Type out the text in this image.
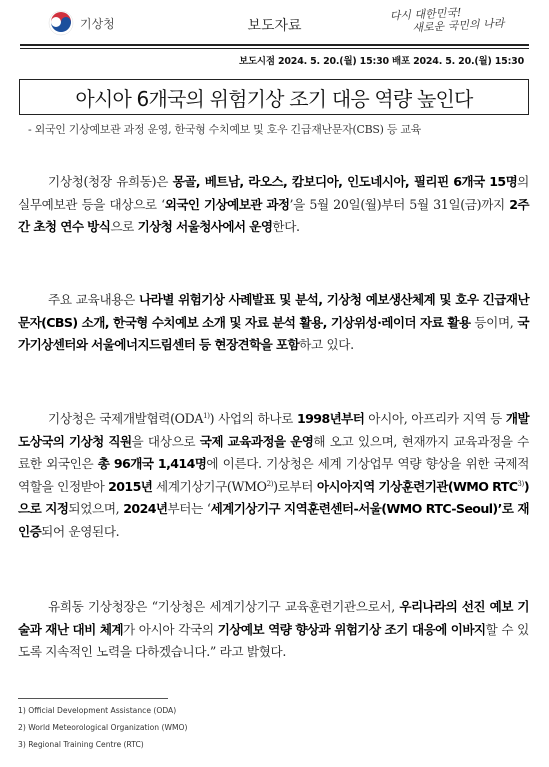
기상청	보도자료
다시 대한민국!
새로운 국민의 나라
보도시점 2024. 5. 20.(월) 15:30 배포 2024. 5. 20.(월) 15:30
아시아 6개국의 위험기상 조기 대응 역량 높인다
- 외국인 기상예보관 과정 운영, 한국형 수치예보 및 호우 긴급재난문자(CBS) 등 교육
기상청(청장 유희동)은 몽골, 베트남, 라오스, 캄보디아, 인도네시아, 필리핀 6개국 15명의 실무예보관 등을 대상으로 ‘외국인 기상예보관 과정’을 5월 20일(월)부터 5월 31일(금)까지 2주간 초청 연수 방식으로 기상청 서울청사에서 운영한다.
주요 교육내용은 나라별 위험기상 사례발표 및 분석, 기상청 예보생산체계 및 호우 긴급재난문자(CBS) 소개, 한국형 수치예보 소개 및 자료 분석 활용, 기상위성·레이더 자료 활용 등이며, 국가기상센터와 서울에너지드림센터 등 현장견학을 포함하고 있다.
기상청은 국제개발협력(ODA$^{1)}$) 사업의 하나로 1998년부터 아시아, 아프리카 지역 등 개발도상국의 기상청 직원을 대상으로 국제 교육과정을 운영해 오고 있으며, 현재까지 교육과정을 수료한 외국인은 총 96개국 1,414명에 이른다. 기상청은 세계 기상업무 역량 향상을 위한 국제적 역할을 인정받아 2015년 세계기상기구(WMO$^{2)}$)로부터 아시아지역 기상훈련기관(WMO RTC$^{3)}$)으로 지정되었으며, 2024년부터는 ‘세계기상기구 지역훈련센터-서울(WMO RTC-Seoul)’로 재인증되어 운영된다.
유희동 기상청장은 “기상청은 세계기상기구 교육훈련기관으로서, 우리나라의 선진 예보 기술과 재난 대비 체계가 아시아 각국의 기상예보 역량 향상과 위험기상 조기 대응에 이바지할 수 있도록 지속적인 노력을 다하겠습니다.” 라고 밝혔다.
1) Official Development Assistance (ODA)
2) World Meteorological Organization (WMO)
3) Regional Training Centre (RTC)
